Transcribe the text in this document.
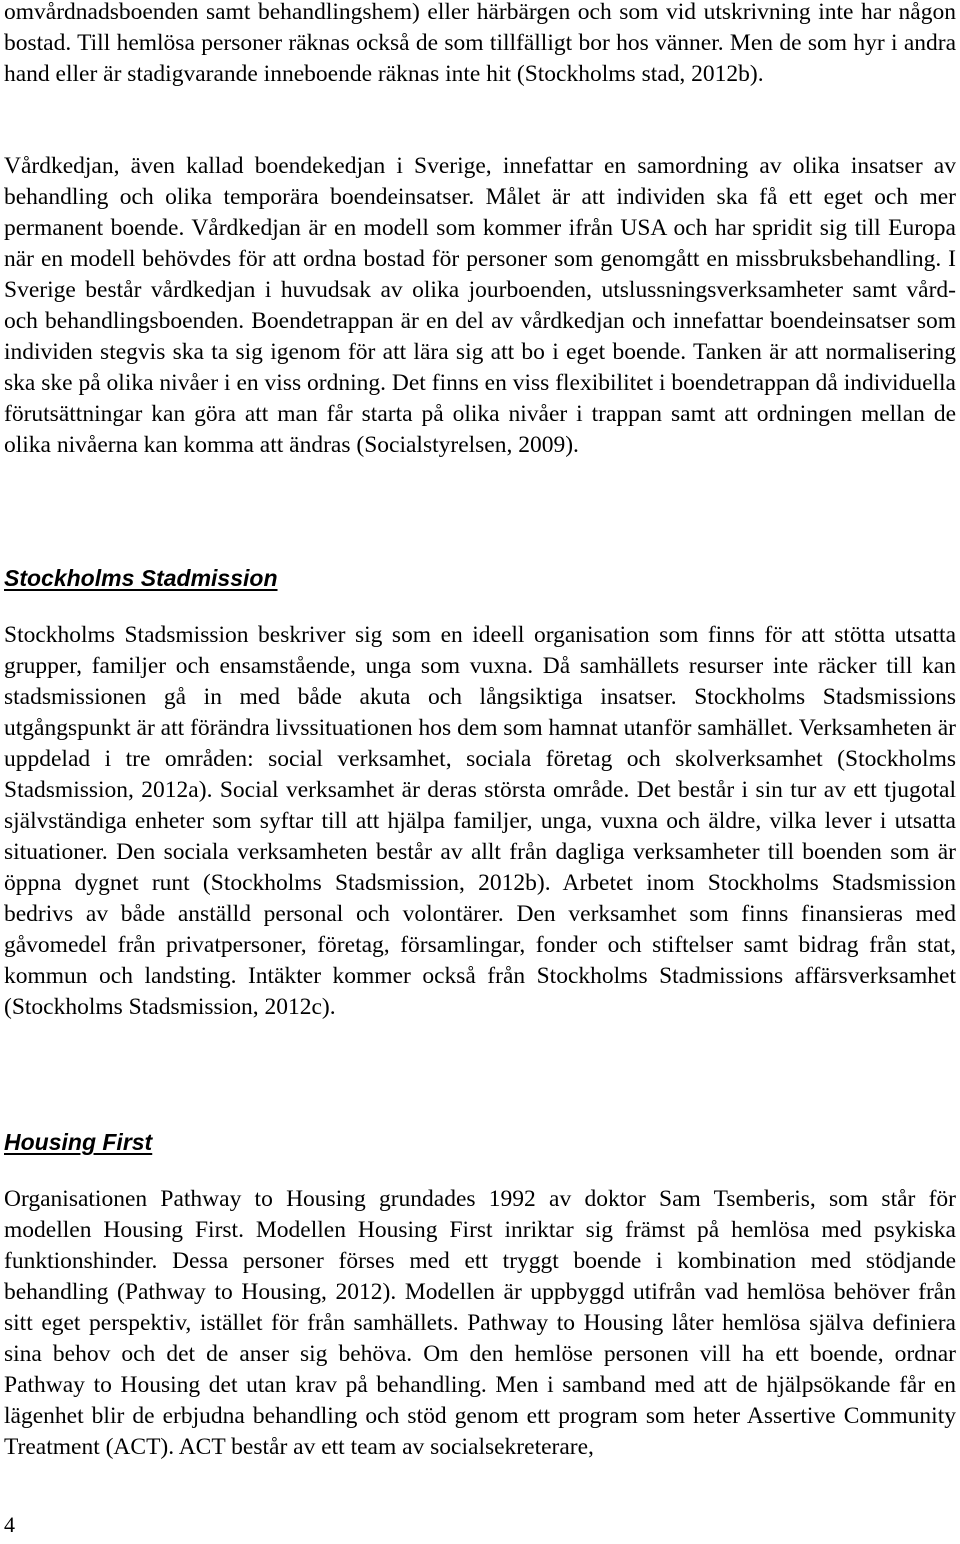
omvårdnadsboenden samt behandlingshem) eller härbärgen och som vid utskrivning inte har någon bostad. Till hemlösa personer räknas också de som tillfälligt bor hos vänner. Men de som hyr i andra hand eller är stadigvarande inneboende räknas inte hit (Stockholms stad, 2012b).

Vårdkedjan, även kallad boendekedjan i Sverige, innefattar en samordning av olika insatser av behandling och olika temporära boendeinsatser. Målet är att individen ska få ett eget och mer permanent boende. Vårdkedjan är en modell som kommer ifrån USA och har spridit sig till Europa när en modell behövdes för att ordna bostad för personer som genomgått en missbruksbehandling. I Sverige består vårdkedjan i huvudsak av olika jourboenden, utslussningsverksamheter samt vård- och behandlingsboenden. Boendetrappan är en del av vårdkedjan och innefattar boendeinsatser som individen stegvis ska ta sig igenom för att lära sig att bo i eget boende. Tanken är att normalisering ska ske på olika nivåer i en viss ordning. Det finns en viss flexibilitet i boendetrappan då individuella förutsättningar kan göra att man får starta på olika nivåer i trappan samt att ordningen mellan de olika nivåerna kan komma att ändras (Socialstyrelsen, 2009).

Stockholms Stadmission

Stockholms Stadsmission beskriver sig som en ideell organisation som finns för att stötta utsatta grupper, familjer och ensamstående, unga som vuxna. Då samhällets resurser inte räcker till kan stadsmissionen gå in med både akuta och långsiktiga insatser. Stockholms Stadsmissions utgångspunkt är att förändra livssituationen hos dem som hamnat utanför samhället. Verksamheten är uppdelad i tre områden: social verksamhet, sociala företag och skolverksamhet (Stockholms Stadsmission, 2012a). Social verksamhet är deras största område. Det består i sin tur av ett tjugotal självständiga enheter som syftar till att hjälpa familjer, unga, vuxna och äldre, vilka lever i utsatta situationer. Den sociala verksamheten består av allt från dagliga verksamheter till boenden som är öppna dygnet runt (Stockholms Stadsmission, 2012b). Arbetet inom Stockholms Stadsmission bedrivs av både anställd personal och volontärer. Den verksamhet som finns finansieras med gåvomedel från privatpersoner, företag, församlingar, fonder och stiftelser samt bidrag från stat, kommun och landsting. Intäkter kommer också från Stockholms Stadmissions affärsverksamhet (Stockholms Stadsmission, 2012c).

Housing First

Organisationen Pathway to Housing grundades 1992 av doktor Sam Tsemberis, som står för modellen Housing First. Modellen Housing First inriktar sig främst på hemlösa med psykiska funktionshinder. Dessa personer förses med ett tryggt boende i kombination med stödjande behandling (Pathway to Housing, 2012). Modellen är uppbyggd utifrån vad hemlösa behöver från sitt eget perspektiv, istället för från samhällets. Pathway to Housing låter hemlösa själva definiera sina behov och det de anser sig behöva. Om den hemlöse personen vill ha ett boende, ordnar Pathway to Housing det utan krav på behandling. Men i samband med att de hjälpsökande får en lägenhet blir de erbjudna behandling och stöd genom ett program som heter Assertive Community Treatment (ACT). ACT består av ett team av socialsekreterare,

4
